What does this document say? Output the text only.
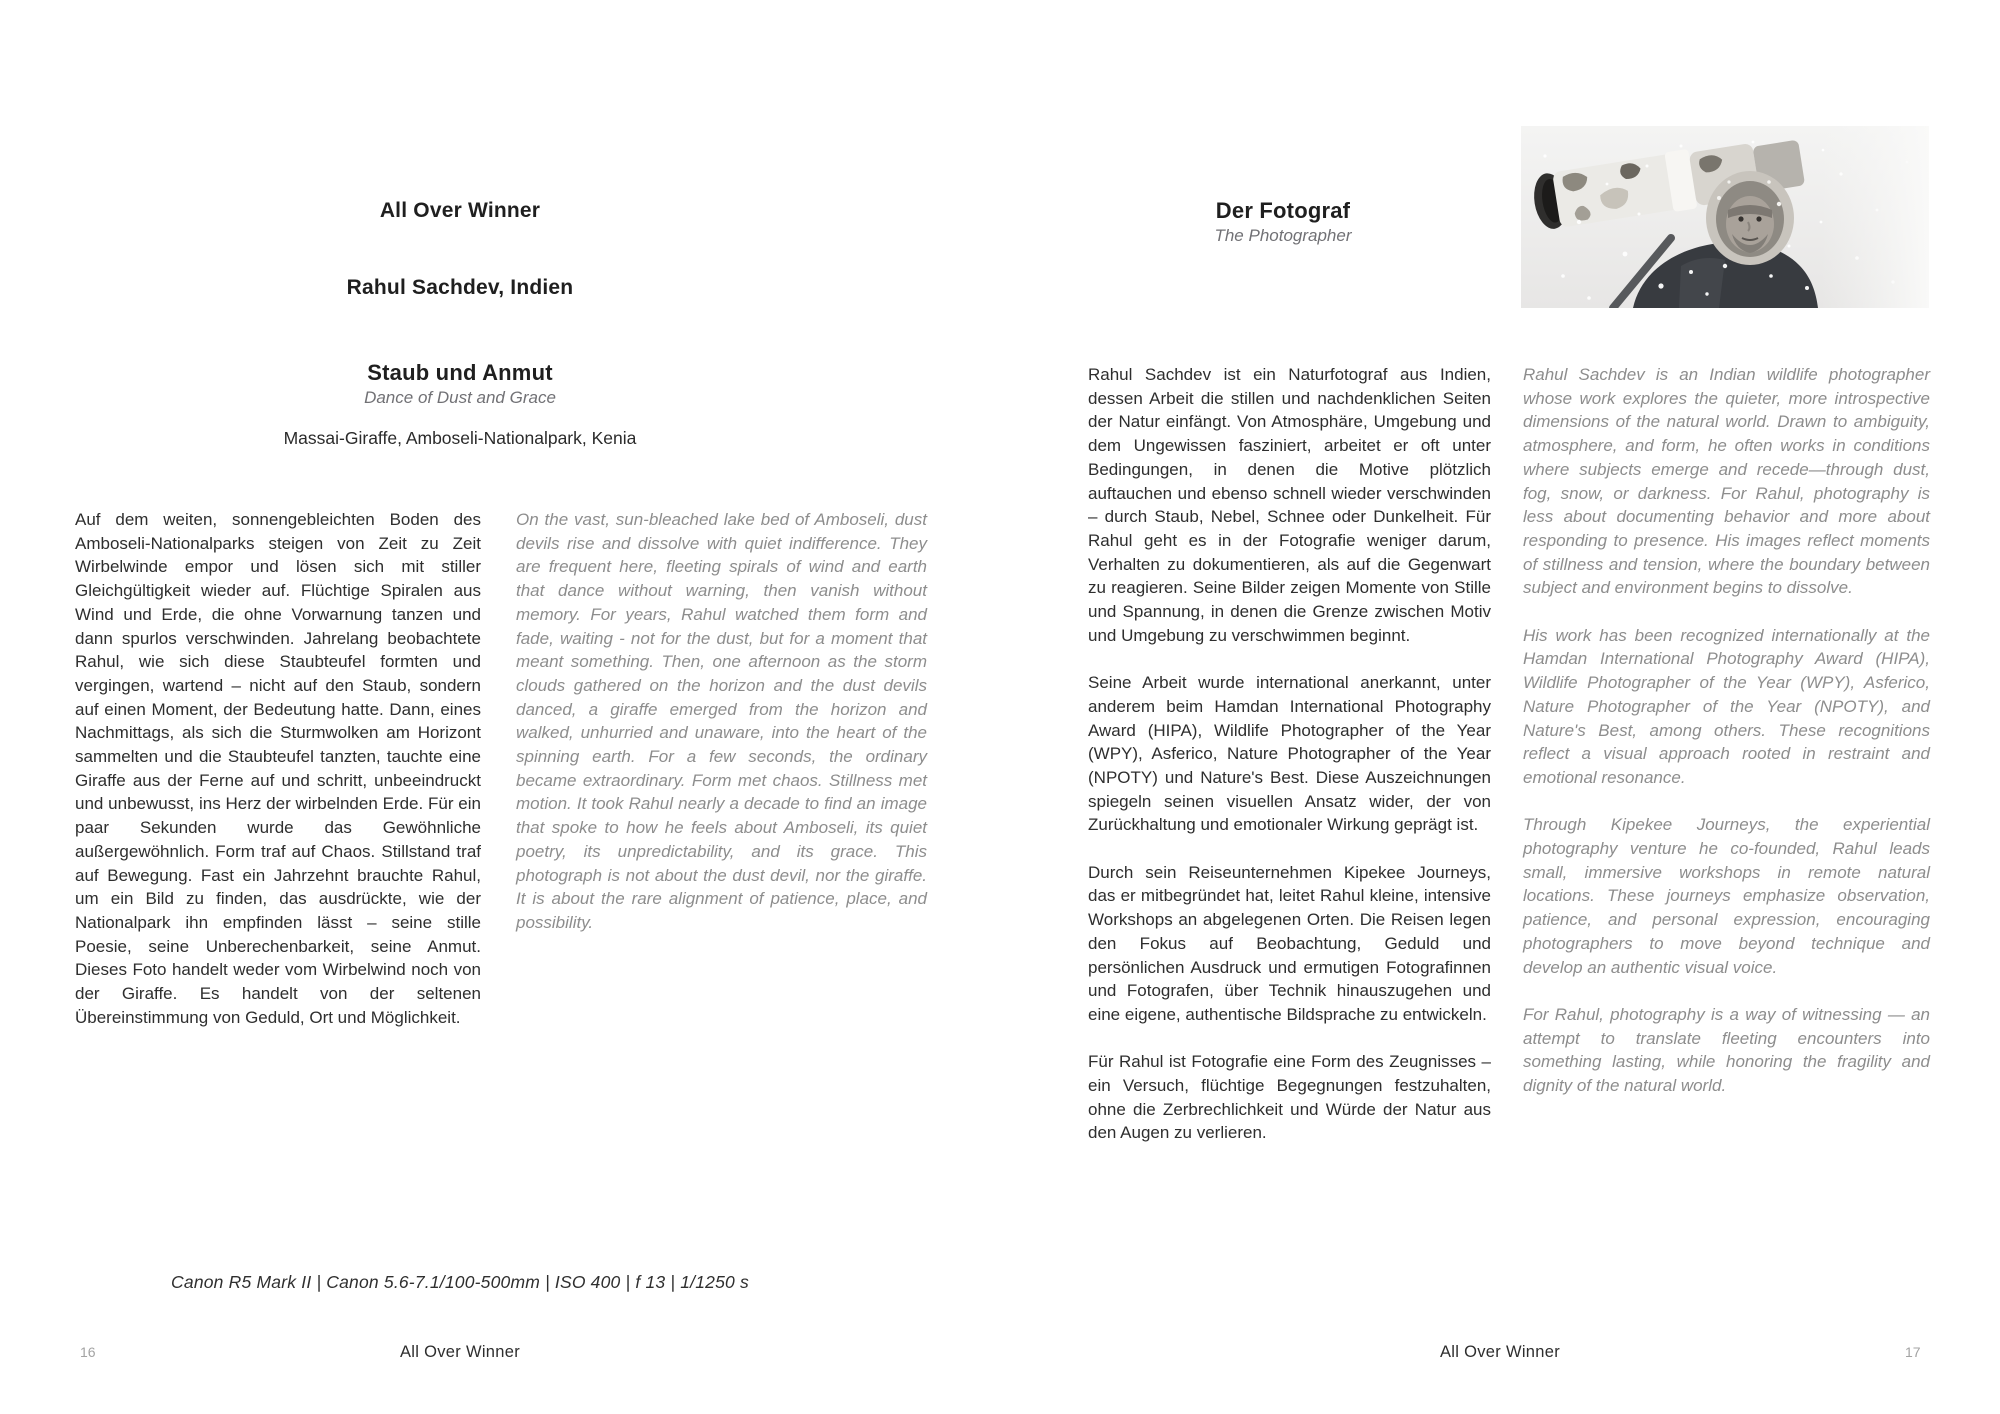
All Over Winner
Rahul Sachdev, Indien
Staub und Anmut
Dance of Dust and Grace
Massai-Giraffe, Amboseli-Nationalpark, Kenia

Auf dem weiten, sonnengebleichten Boden des Amboseli-Nationalparks steigen von Zeit zu Zeit Wirbelwinde empor und lösen sich mit stiller Gleichgültigkeit wieder auf. Flüchtige Spiralen aus Wind und Erde, die ohne Vorwarnung tanzen und dann spurlos verschwinden. Jahrelang beobachtete Rahul, wie sich diese Staubteufel formten und vergingen, wartend – nicht auf den Staub, sondern auf einen Moment, der Bedeutung hatte. Dann, eines Nachmittags, als sich die Sturmwolken am Horizont sammelten und die Staubteufel tanzten, tauchte eine Giraffe aus der Ferne auf und schritt, unbeeindruckt und unbewusst, ins Herz der wirbelnden Erde. Für ein paar Sekunden wurde das Gewöhnliche außergewöhnlich. Form traf auf Chaos. Stillstand traf auf Bewegung. Fast ein Jahrzehnt brauchte Rahul, um ein Bild zu finden, das ausdrückte, wie der Nationalpark ihn empfinden lässt – seine stille Poesie, seine Unberechenbarkeit, seine Anmut. Dieses Foto handelt weder vom Wirbelwind noch von der Giraffe. Es handelt von der seltenen Übereinstimmung von Geduld, Ort und Möglichkeit.

On the vast, sun-bleached lake bed of Amboseli, dust devils rise and dissolve with quiet indifference. They are frequent here, fleeting spirals of wind and earth that dance without warning, then vanish without memory. For years, Rahul watched them form and fade, waiting - not for the dust, but for a moment that meant something. Then, one afternoon as the storm clouds gathered on the horizon and the dust devils danced, a giraffe emerged from the horizon and walked, unhurried and unaware, into the heart of the spinning earth. For a few seconds, the ordinary became extraordinary. Form met chaos. Stillness met motion. It took Rahul nearly a decade to find an image that spoke to how he feels about Amboseli, its quiet poetry, its unpredictability, and its grace. This photograph is not about the dust devil, nor the giraffe. It is about the rare alignment of patience, place, and possibility.

Canon R5 Mark II | Canon 5.6-7.1/100-500mm | ISO 400 | f 13 | 1/1250 s
16	All Over Winner
Der Fotograf
The Photographer

Rahul Sachdev ist ein Naturfotograf aus Indien, dessen Arbeit die stillen und nachdenklichen Seiten der Natur einfängt. Von Atmosphäre, Umgebung und dem Ungewissen fasziniert, arbeitet er oft unter Bedingungen, in denen die Motive plötzlich auftauchen und ebenso schnell wieder verschwinden – durch Staub, Nebel, Schnee oder Dunkelheit. Für Rahul geht es in der Fotografie weniger darum, Verhalten zu dokumentieren, als auf die Gegenwart zu reagieren. Seine Bilder zeigen Momente von Stille und Spannung, in denen die Grenze zwischen Motiv und Umgebung zu verschwimmen beginnt.

Seine Arbeit wurde international anerkannt, unter anderem beim Hamdan International Photography Award (HIPA), Wildlife Photographer of the Year (WPY), Asferico, Nature Photographer of the Year (NPOTY) und Nature's Best. Diese Auszeichnungen spiegeln seinen visuellen Ansatz wider, der von Zurückhaltung und emotionaler Wirkung geprägt ist.

Durch sein Reiseunternehmen Kipekee Journeys, das er mitbegründet hat, leitet Rahul kleine, intensive Workshops an abgelegenen Orten. Die Reisen legen den Fokus auf Beobachtung, Geduld und persönlichen Ausdruck und ermutigen Fotografinnen und Fotografen, über Technik hinauszugehen und eine eigene, authentische Bildsprache zu entwickeln.

Für Rahul ist Fotografie eine Form des Zeugnisses – ein Versuch, flüchtige Begegnungen festzuhalten, ohne die Zerbrechlichkeit und Würde der Natur aus den Augen zu verlieren.

Rahul Sachdev is an Indian wildlife photographer whose work explores the quieter, more introspective dimensions of the natural world. Drawn to ambiguity, atmosphere, and form, he often works in conditions where subjects emerge and recede—through dust, fog, snow, or darkness. For Rahul, photography is less about documenting behavior and more about responding to presence. His images reflect moments of stillness and tension, where the boundary between subject and environment begins to dissolve.

His work has been recognized internationally at the Hamdan International Photography Award (HIPA), Wildlife Photographer of the Year (WPY), Asferico, Nature Photographer of the Year (NPOTY), and Nature's Best, among others. These recognitions reflect a visual approach rooted in restraint and emotional resonance.

Through Kipekee Journeys, the experiential photography venture he co-founded, Rahul leads small, immersive workshops in remote natural locations. These journeys emphasize observation, patience, and personal expression, encouraging photographers to move beyond technique and develop an authentic visual voice.

For Rahul, photography is a way of witnessing — an attempt to translate fleeting encounters into something lasting, while honoring the fragility and dignity of the natural world.

All Over Winner	17
